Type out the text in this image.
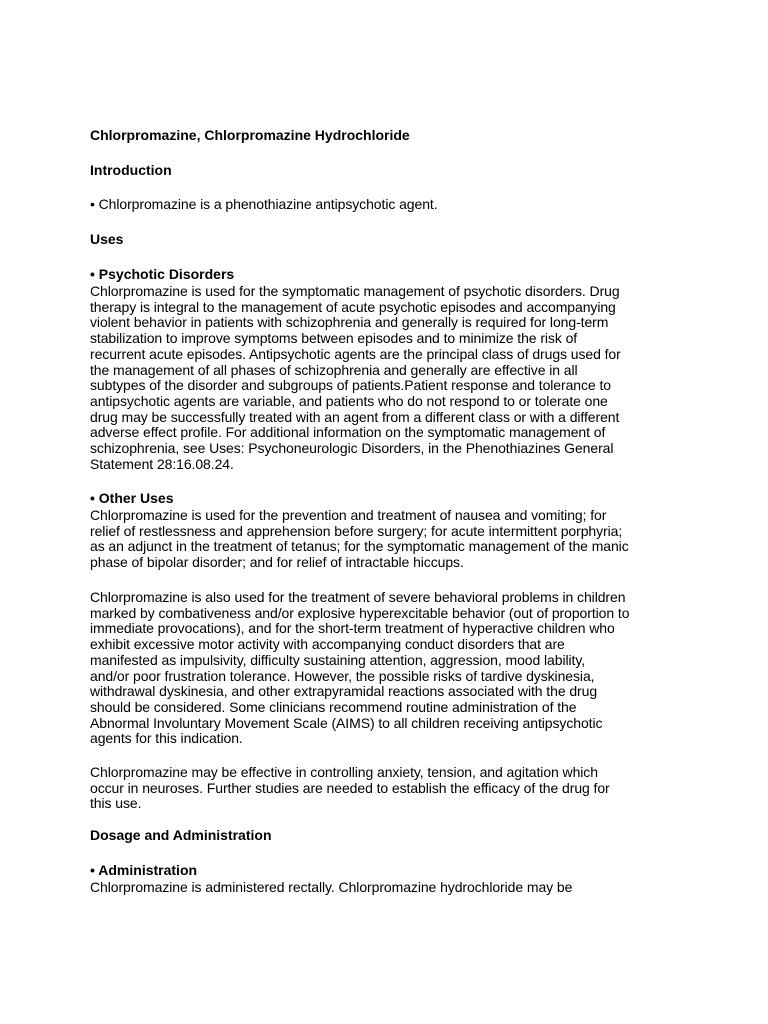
Chlorpromazine, Chlorpromazine Hydrochloride
Introduction

• Chlorpromazine is a phenothiazine antipsychotic agent.

Uses
• Psychotic Disorders

Chlorpromazine is used for the symptomatic management of psychotic disorders. Drug
therapy is integral to the management of acute psychotic episodes and accompanying
violent behavior in patients with schizophrenia and generally is required for long-term
stabilization to improve symptoms between episodes and to minimize the risk of
recurrent acute episodes. Antipsychotic agents are the principal class of drugs used for
the management of all phases of schizophrenia and generally are effective in all
subtypes of the disorder and subgroups of patients.Patient response and tolerance to
antipsychotic agents are variable, and patients who do not respond to or tolerate one
drug may be successfully treated with an agent from a different class or with a different
adverse effect profile. For additional information on the symptomatic management of
schizophrenia, see Uses: Psychoneurologic Disorders, in the Phenothiazines General
Statement 28:16.08.24.

• Other Uses

Chlorpromazine is used for the prevention and treatment of nausea and vomiting; for
relief of restlessness and apprehension before surgery; for acute intermittent porphyria;
as an adjunct in the treatment of tetanus; for the symptomatic management of the manic
phase of bipolar disorder; and for relief of intractable hiccups.

Chlorpromazine is also used for the treatment of severe behavioral problems in children
marked by combativeness and/or explosive hyperexcitable behavior (out of proportion to
immediate provocations), and for the short-term treatment of hyperactive children who
exhibit excessive motor activity with accompanying conduct disorders that are
manifested as impulsivity, difficulty sustaining attention, aggression, mood lability,
and/or poor frustration tolerance. However, the possible risks of tardive dyskinesia,
withdrawal dyskinesia, and other extrapyramidal reactions associated with the drug
should be considered. Some clinicians recommend routine administration of the
Abnormal Involuntary Movement Scale (AIMS) to all children receiving antipsychotic
agents for this indication.

Chlorpromazine may be effective in controlling anxiety, tension, and agitation which
occur in neuroses. Further studies are needed to establish the efficacy of the drug for
this use.

Dosage and Administration
• Administration

Chlorpromazine is administered rectally. Chlorpromazine hydrochloride may be
